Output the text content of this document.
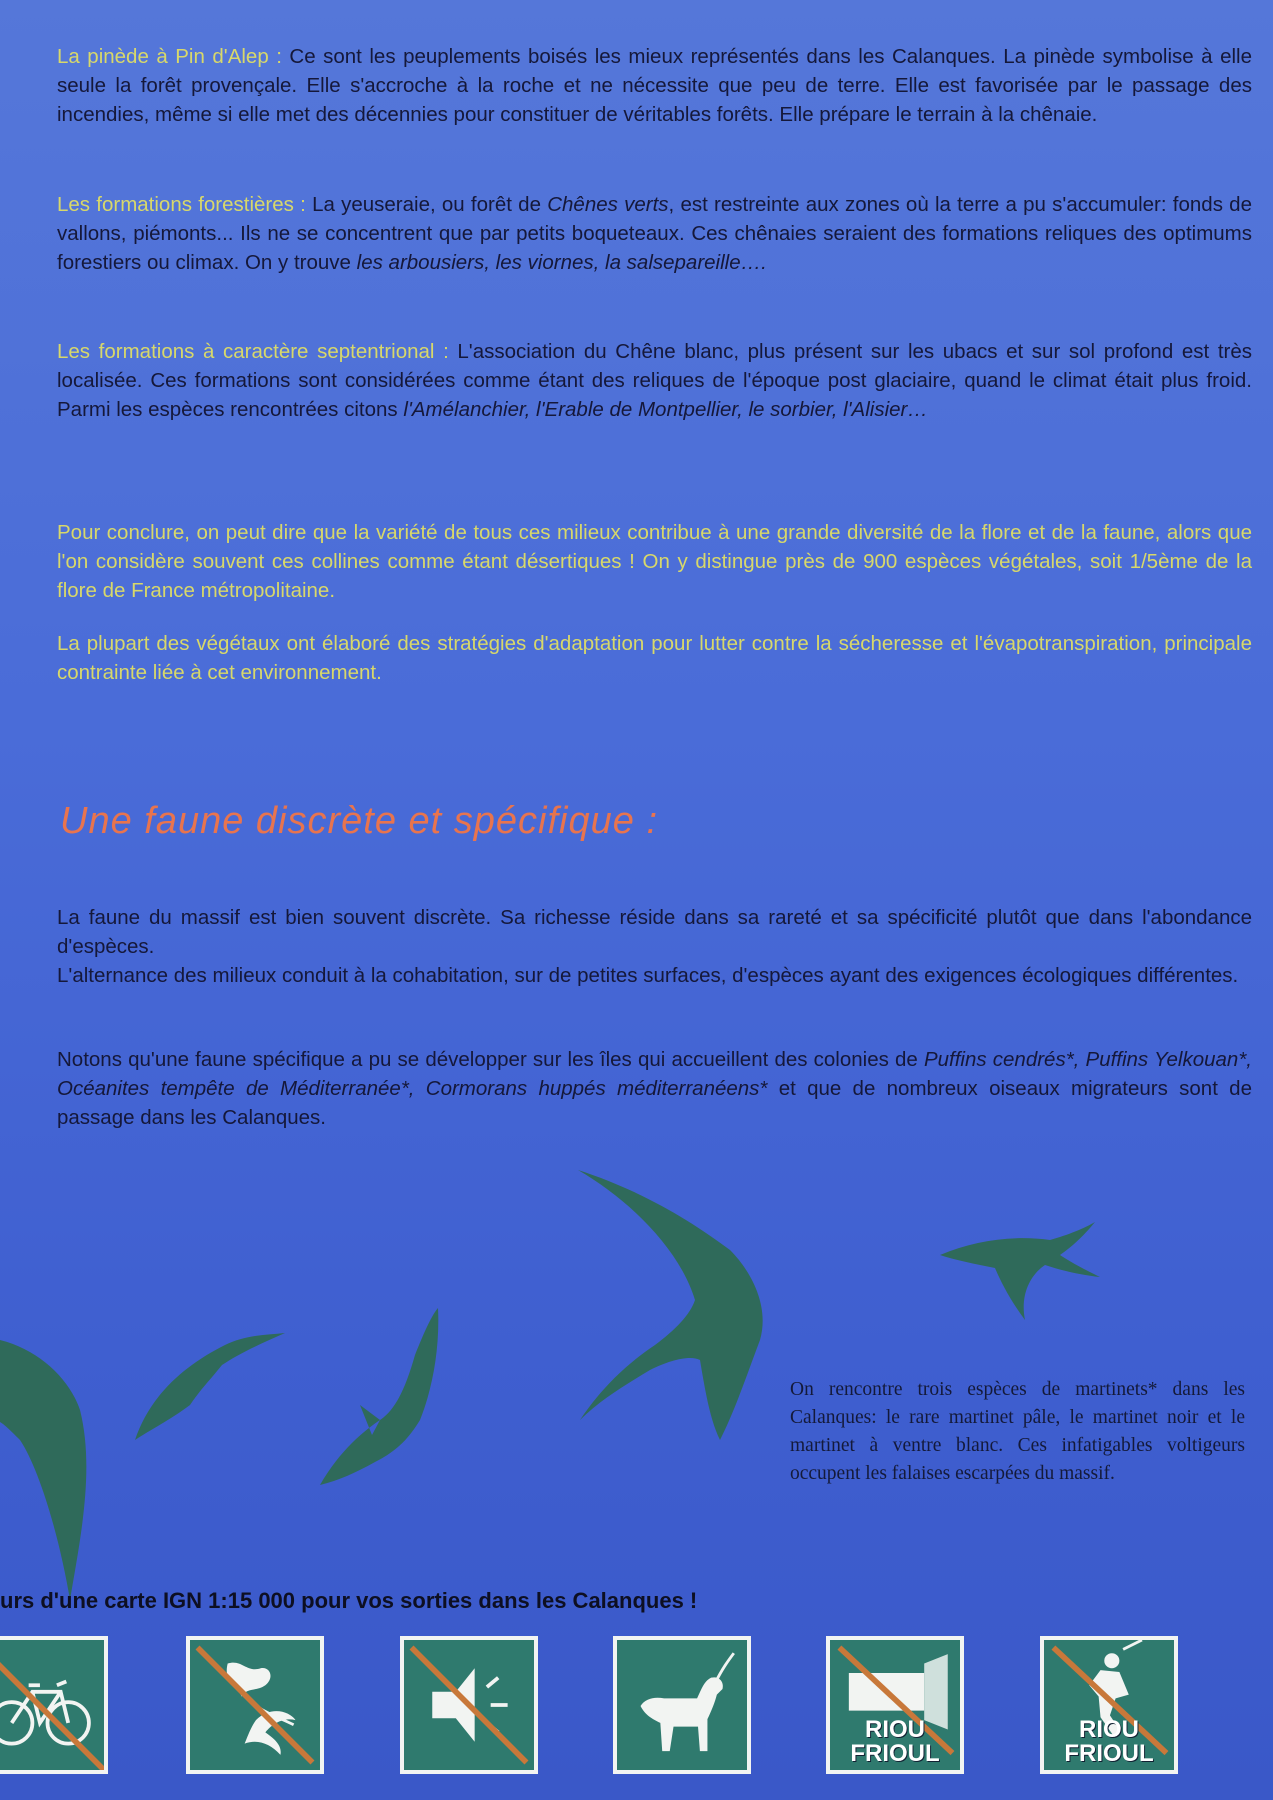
La pinède à Pin d'Alep : Ce sont les peuplements boisés les mieux représentés dans les Calanques. La pinède symbolise à elle seule la forêt provençale. Elle s'accroche à la roche et ne nécessite que peu de terre. Elle est favorisée par le passage des incendies, même si elle met des décennies pour constituer de véritables forêts. Elle prépare le terrain à la chênaie.

Les formations forestières : La yeuseraie, ou forêt de Chênes verts, est restreinte aux zones où la terre a pu s'accumuler: fonds de vallons, piémonts... Ils ne se concentrent que par petits boqueteaux. Ces chênaies seraient des formations reliques des optimums forestiers ou climax. On y trouve les arbousiers, les viornes, la salsepareille….

Les formations à caractère septentrional : L'association du Chêne blanc, plus présent sur les ubacs et sur sol profond est très localisée. Ces formations sont considérées comme étant des reliques de l'époque post glaciaire, quand le climat était plus froid. Parmi les espèces rencontrées citons l'Amélanchier, l'Erable de Montpellier, le sorbier, l'Alisier…

Pour conclure, on peut dire que la variété de tous ces milieux contribue à une grande diversité de la flore et de la faune, alors que l'on considère souvent ces collines comme étant désertiques ! On y distingue près de 900 espèces végétales, soit 1/5ème de la flore de France métropolitaine.

La plupart des végétaux ont élaboré des stratégies d'adaptation pour lutter contre la sécheresse et l'évapotranspiration, principale contrainte liée à cet environnement.

Une faune discrète et spécifique :

La faune du massif est bien souvent discrète. Sa richesse réside dans sa rareté et sa spécificité plutôt que dans l'abondance d'espèces.
L'alternance des milieux conduit à la cohabitation, sur de petites surfaces, d'espèces ayant des exigences écologiques différentes.

Notons qu'une faune spécifique a pu se développer sur les îles qui accueillent des colonies de Puffins cendrés*, Puffins Yelkouan*, Océanites tempête de Méditerranée*, Cormorans huppés méditerranéens* et que de nombreux oiseaux migrateurs sont de passage dans les Calanques.

On rencontre trois espèces de martinets* dans les Calanques: le rare martinet pâle, le martinet noir et le martinet à ventre blanc. Ces infatigables voltigeurs occupent les falaises escarpées du massif.

urs d'une carte IGN 1:15 000 pour vos sorties dans les Calanques !

RIOU
FRIOUL
RIOU
FRIOUL
